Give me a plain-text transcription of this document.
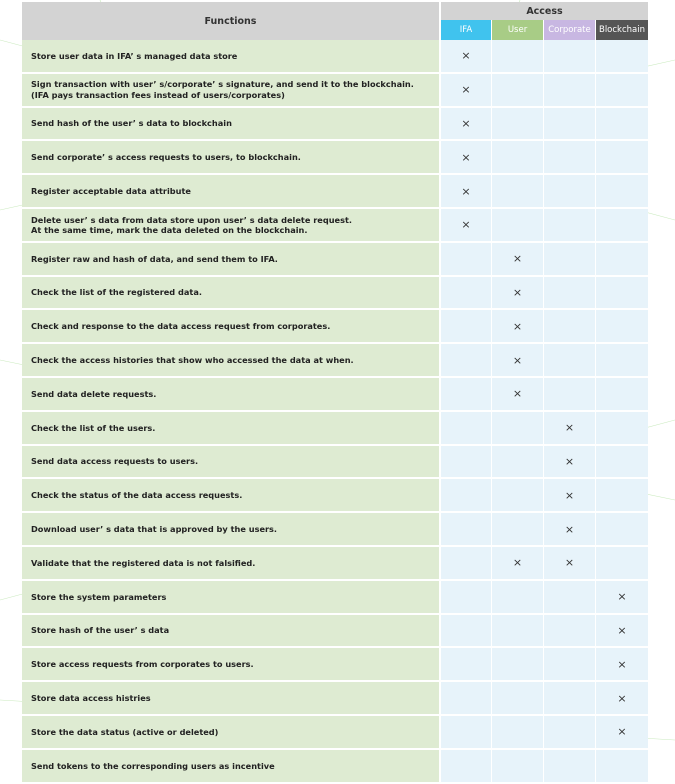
Functions	Access			
	IFA	User	Corporate	Blockchain
Store user data in IFA’ s managed data store	×			
Sign transaction with user’ s/corporate’ s signature, and send it to the blockchain.
(IFA pays transaction fees instead of users/corporates)	×			
Send hash of the user’ s data to blockchain	×			
Send corporate’ s access requests to users, to blockchain.	×			
Register acceptable data attribute	×			
Delete user’ s data from data store upon user’ s data delete request.
At the same time, mark the data deleted on the blockchain.	×			
Register raw and hash of data, and send them to IFA.		×		
Check the list of the registered data.		×		
Check and response to the data access request from corporates.		×		
Check the access histories that show who accessed the data at when.		×		
Send data delete requests.		×		
Check the list of the users.			×	
Send data access requests to users.			×	
Check the status of the data access requests.			×	
Download user’ s data that is approved by the users.			×	
Validate that the registered data is not falsified.		×	×	
Store the system parameters				×
Store hash of the user’ s data				×
Store access requests from corporates to users.				×
Store data access histries				×
Store the data status (active or deleted)				×
Send tokens to the corresponding users as incentive				
